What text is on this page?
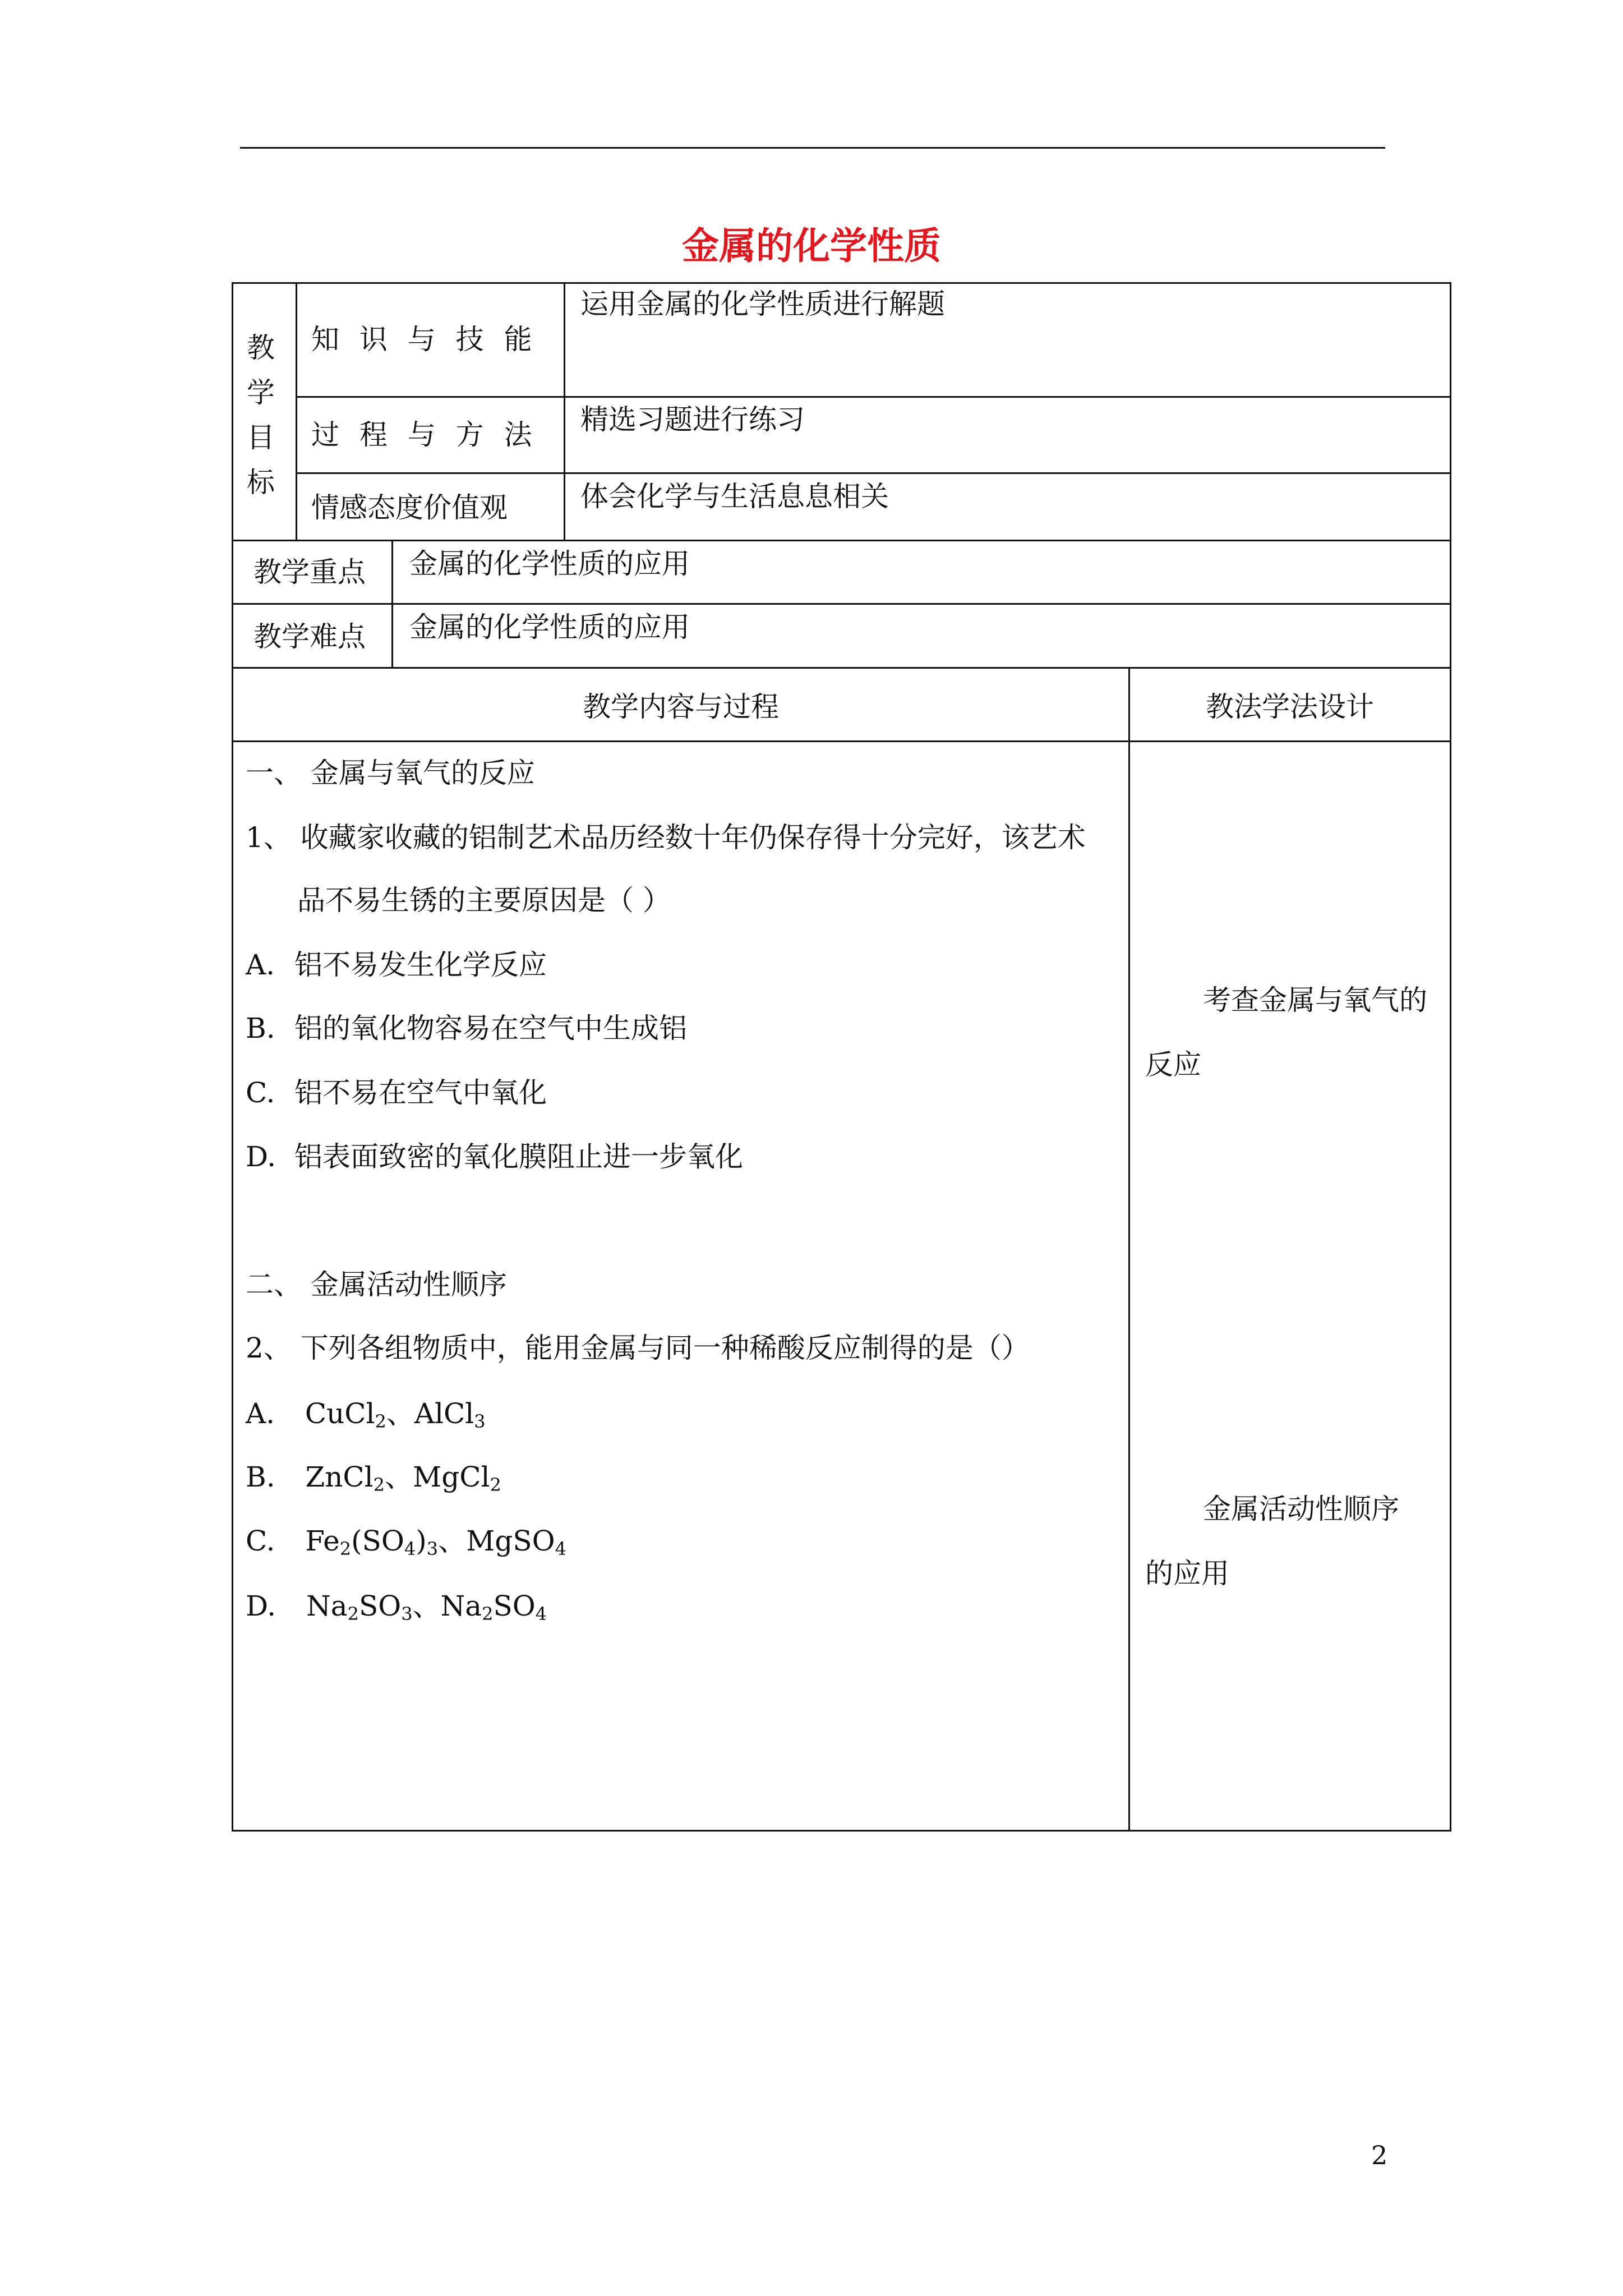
金属的化学性质
教
学
目
标
知 识 与 技 能
运用金属的化学性质进行解题
过 程 与 方 法 精选习题进行练习
情感态度价值观	体会化学与生活息息相关
教学重点 金属的化学性质的应用
教学难点 金属的化学性质的应用
教学内容与过程	教法学法设计
一、 金属与氧气的反应
1、 收藏家收藏的铝制艺术品历经数十年仍保存得十分完好，该艺术
品不易生锈的主要原因是（ ）
A. 铝不易发生化学反应
B. 铝的氧化物容易在空气中生成铝
C. 铝不易在空气中氧化
D. 铝表面致密的氧化膜阻止进一步氧化
考查金属与氧气的
反应
二、 金属活动性顺序
2、 下列各组物质中，能用金属与同一种稀酸反应制得的是（）
A. CuCl$_2$、AlCl$_3$
B. ZnCl$_2$、MgCl$_2$
C. $Fe_2(SO_4)_3$、MgSO$_4$
D. $Na_2SO_3$、$Na_2SO_4$
金属活动性顺序
的应用
2
